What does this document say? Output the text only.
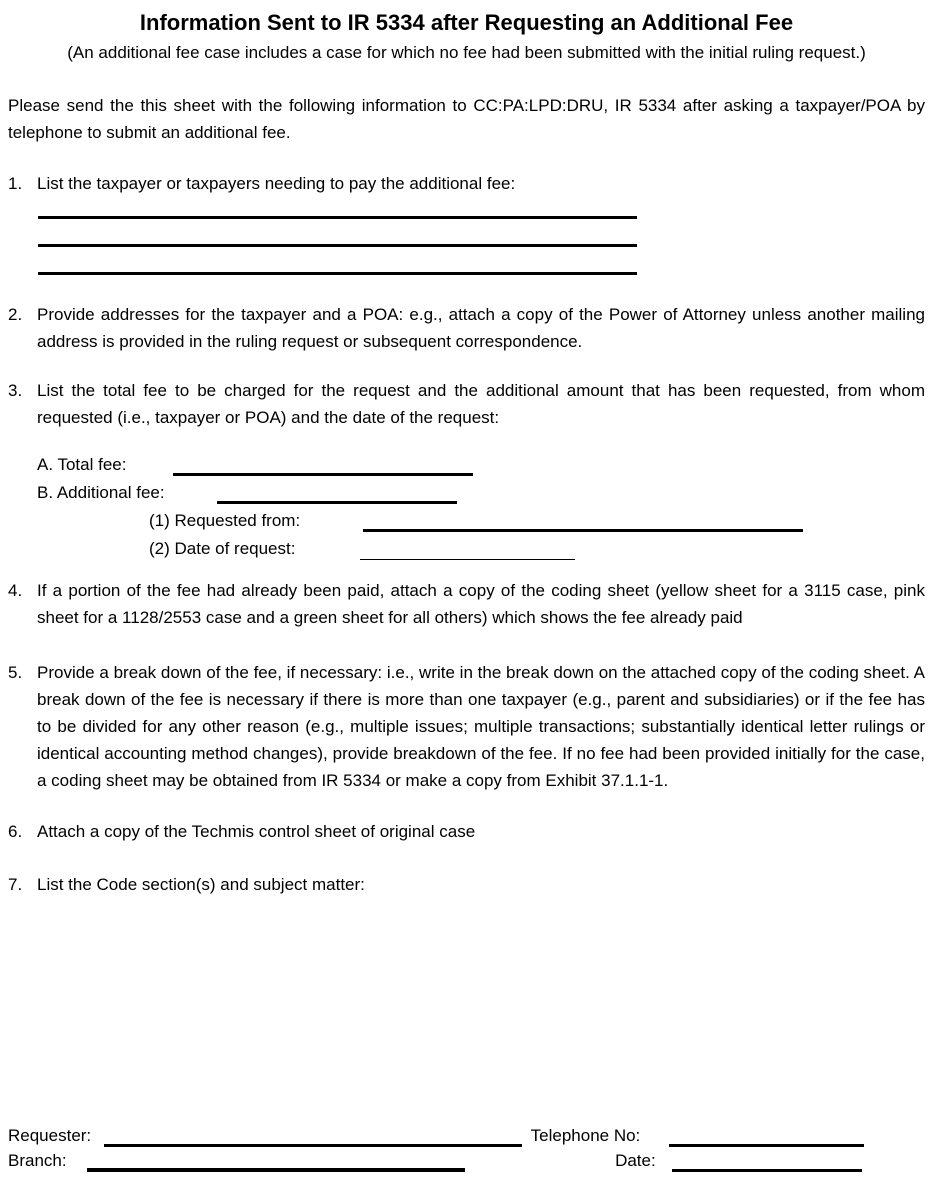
Information Sent to IR 5334 after Requesting an Additional Fee
(An additional fee case includes a case for which no fee had been submitted with the initial ruling request.)

Please send the this sheet with the following information to CC:PA:LPD:DRU, IR 5334 after asking a taxpayer/POA by telephone to submit an additional fee.

1. List the taxpayer or taxpayers needing to pay the additional fee:
2. Provide addresses for the taxpayer and a POA: e.g., attach a copy of the Power of Attorney unless another mailing address is provided in the ruling request or subsequent correspondence.
3. List the total fee to be charged for the request and the additional amount that has been requested, from whom requested (i.e., taxpayer or POA) and the date of the request:
A. Total fee:
B. Additional fee:
(1) Requested from:
(2) Date of request:
4. If a portion of the fee had already been paid, attach a copy of the coding sheet (yellow sheet for a 3115 case, pink sheet for a 1128/2553 case and a green sheet for all others) which shows the fee already paid
5. Provide a break down of the fee, if necessary: i.e., write in the break down on the attached copy of the coding sheet. A break down of the fee is necessary if there is more than one taxpayer (e.g., parent and subsidiaries) or if the fee has to be divided for any other reason (e.g., multiple issues; multiple transactions; substantially identical letter rulings or identical accounting method changes), provide breakdown of the fee. If no fee had been provided initially for the case, a coding sheet may be obtained from IR 5334 or make a copy from Exhibit 37.1.1-1.
6. Attach a copy of the Techmis control sheet of original case
7. List the Code section(s) and subject matter:
Requester:	Telephone No:
Branch:	Date:
